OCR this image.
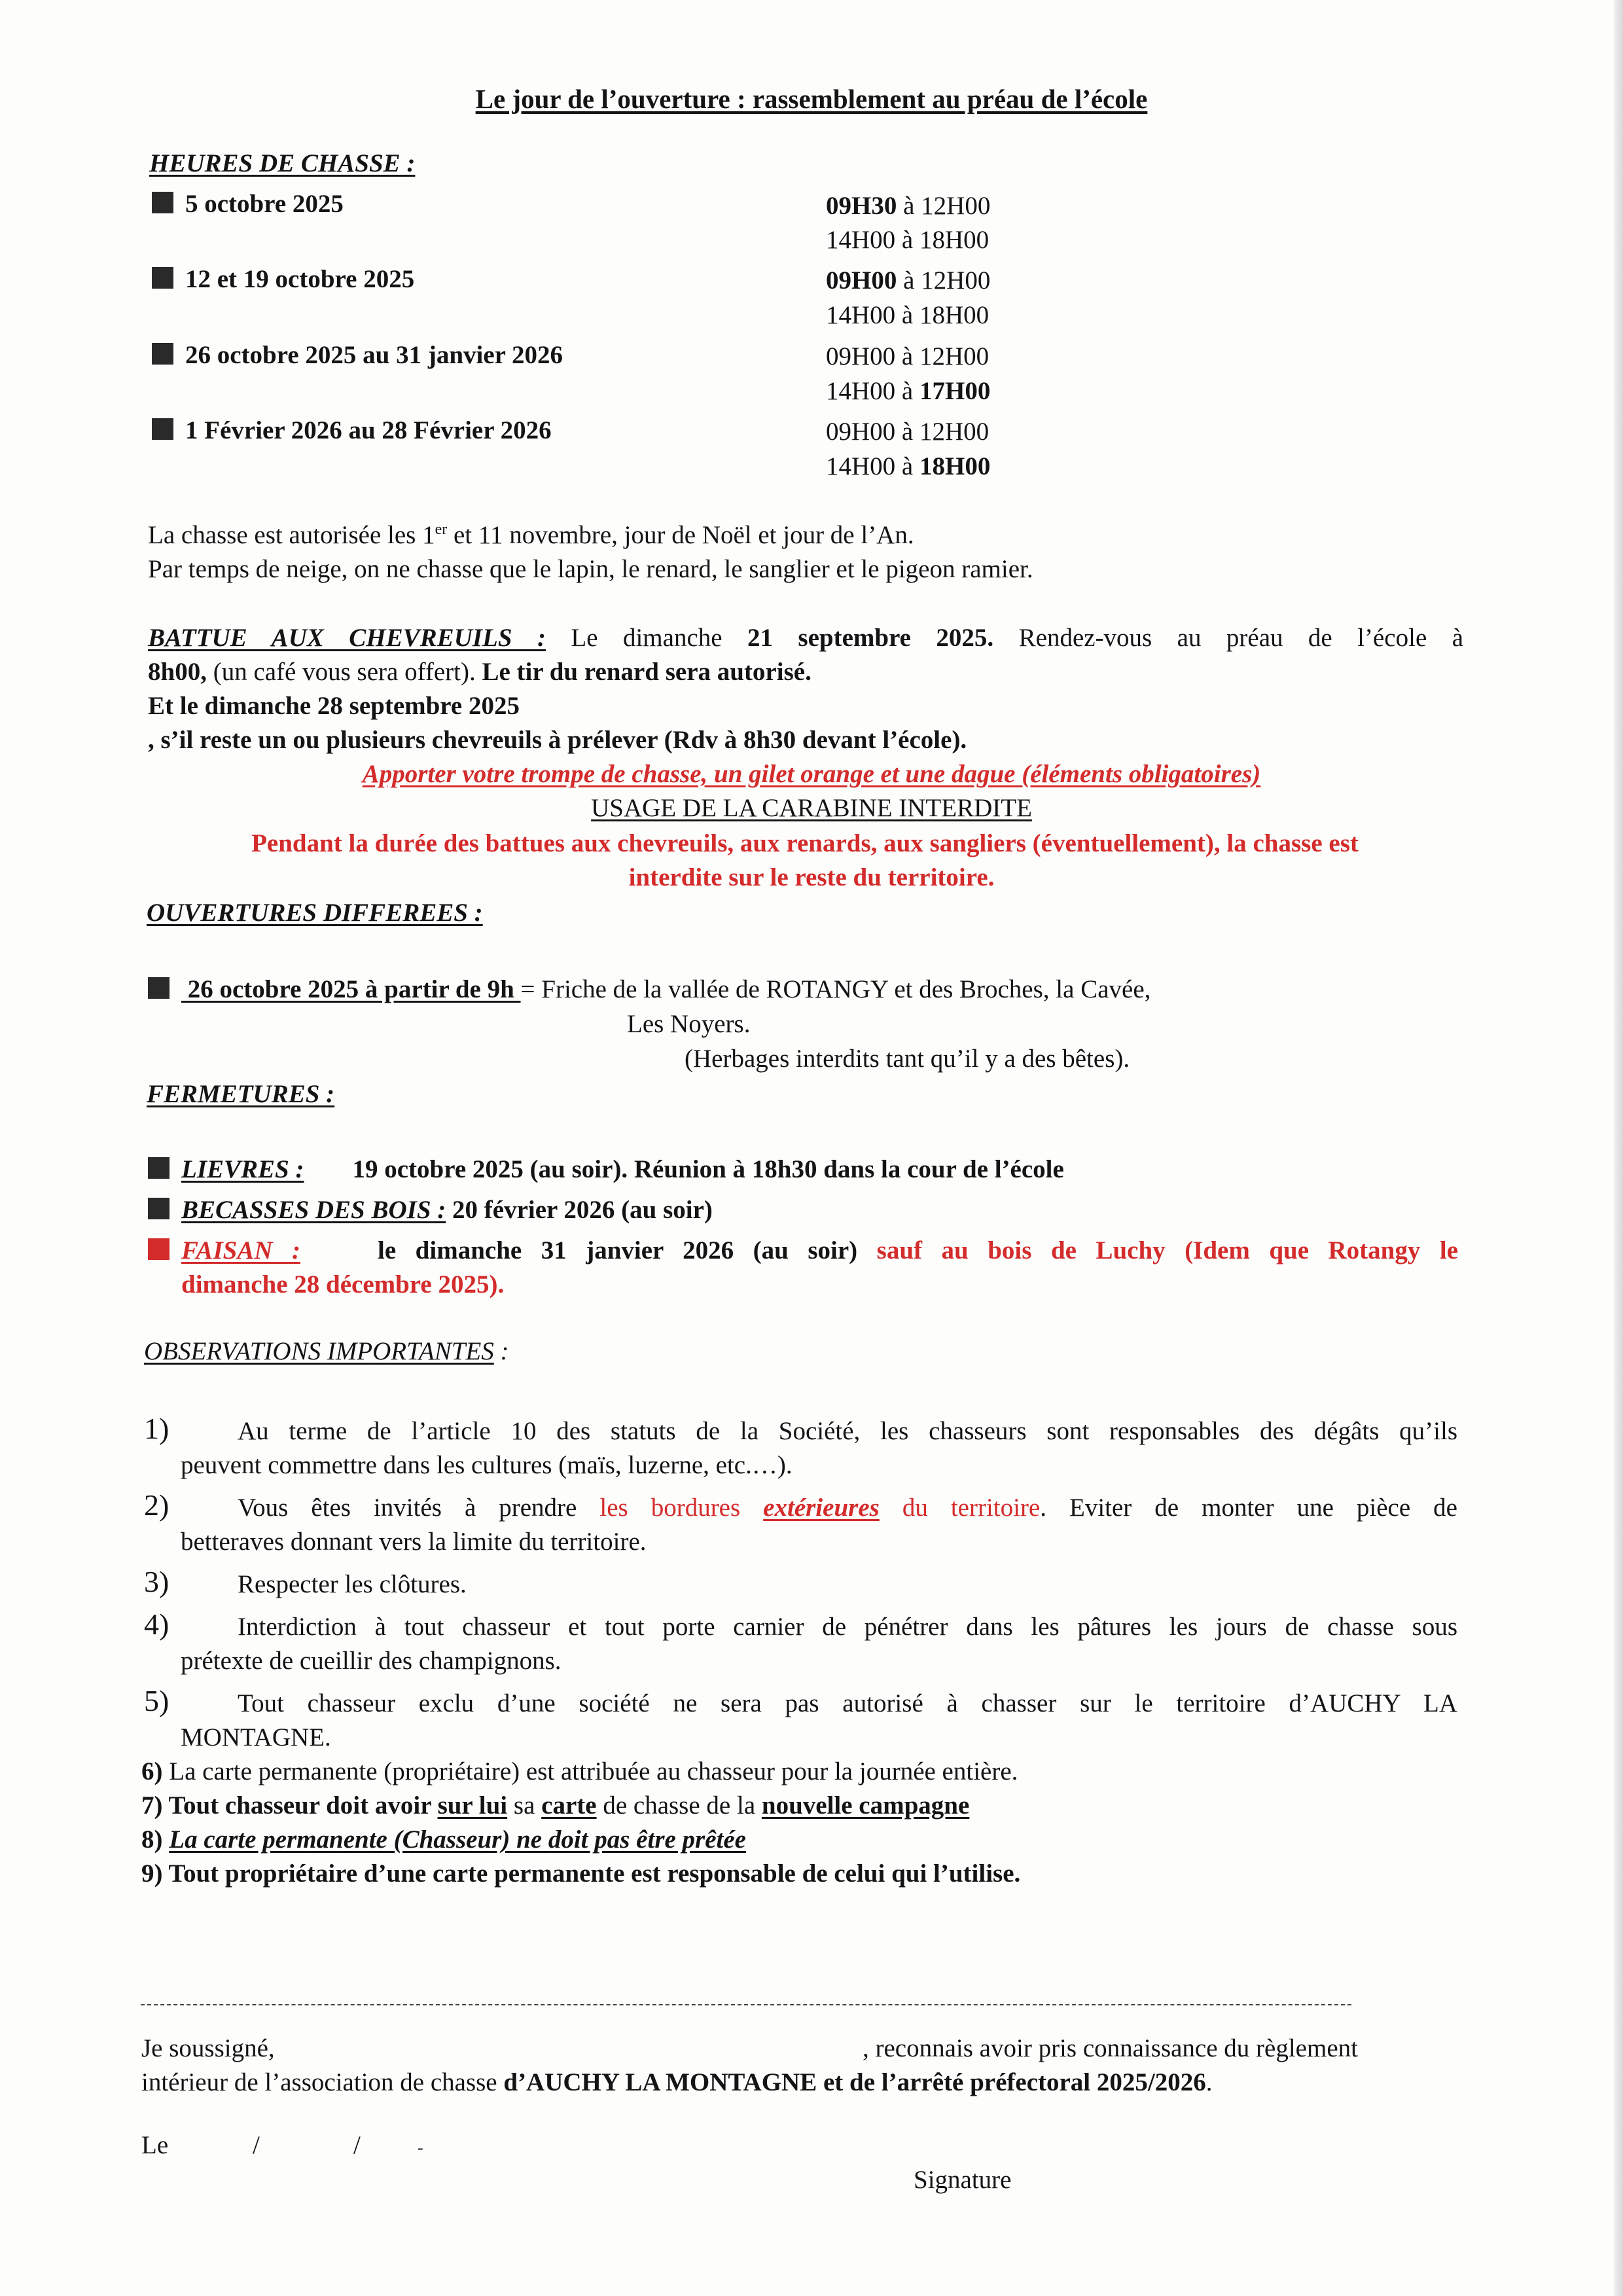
Le jour de l’ouverture : rassemblement au préau de l’école
HEURES DE CHASSE :
5 octobre 2025	09H30 à 12H00
14H00 à 18H00
12 et 19 octobre 2025	09H00 à 12H00
14H00 à 18H00
26 octobre 2025 au 31 janvier 2026	09H00 à 12H00
14H00 à 17H00
1 Février 2026 au 28 Février 2026	09H00 à 12H00
14H00 à 18H00
La chasse est autorisée les 1er et 11 novembre, jour de Noël et jour de l’An.
Par temps de neige, on ne chasse que le lapin, le renard, le sanglier et le pigeon ramier.
BATTUE AUX CHEVREUILS : Le dimanche 21 septembre 2025. Rendez-vous au préau de l’école à
8h00, (un café vous sera offert). Le tir du renard sera autorisé.
Et le dimanche 28 septembre 2025
, s’il reste un ou plusieurs chevreuils à prélever (Rdv à 8h30 devant l’école).
Apporter votre trompe de chasse, un gilet orange et une dague (éléments obligatoires)
USAGE DE LA CARABINE INTERDITE
Pendant la durée des battues aux chevreuils, aux renards, aux sangliers (éventuellement), la chasse est
interdite sur le reste du territoire.
OUVERTURES DIFFEREES :
26 octobre 2025 à partir de 9h = Friche de la vallée de ROTANGY et des Broches, la Cavée,
Les Noyers.
(Herbages interdits tant qu’il y a des bêtes).
FERMETURES :
LIEVRES : 19 octobre 2025 (au soir). Réunion à 18h30 dans la cour de l’école
BECASSES DES BOIS : 20 février 2026 (au soir)
FAISAN :	le dimanche 31 janvier 2026 (au soir) sauf au bois de Luchy (Idem que Rotangy le
dimanche 28 décembre 2025).
OBSERVATIONS IMPORTANTES :
1)	Au terme de l’article 10 des statuts de la Société, les chasseurs sont responsables des dégâts qu’ils
peuvent commettre dans les cultures (maïs, luzerne, etc.…).
2)	Vous êtes invités à prendre les bordures extérieures du territoire. Eviter de monter une pièce de
betteraves donnant vers la limite du territoire.
3)	Respecter les clôtures.
4)	Interdiction à tout chasseur et tout porte carnier de pénétrer dans les pâtures les jours de chasse sous
prétexte de cueillir des champignons.
5)	Tout chasseur exclu d’une société ne sera pas autorisé à chasser sur le territoire d’AUCHY LA
MONTAGNE.
6) La carte permanente (propriétaire) est attribuée au chasseur pour la journée entière.
7) Tout chasseur doit avoir sur lui sa carte de chasse de la nouvelle campagne
8) La carte permanente (Chasseur) ne doit pas être prêtée
9) Tout propriétaire d’une carte permanente est responsable de celui qui l’utilise.
Je soussigné,	, reconnais avoir pris connaissance du règlement
intérieur de l’association de chasse d’AUCHY LA MONTAGNE et de l’arrêté préfectoral 2025/2026.
Le	/	/	-
Signature
